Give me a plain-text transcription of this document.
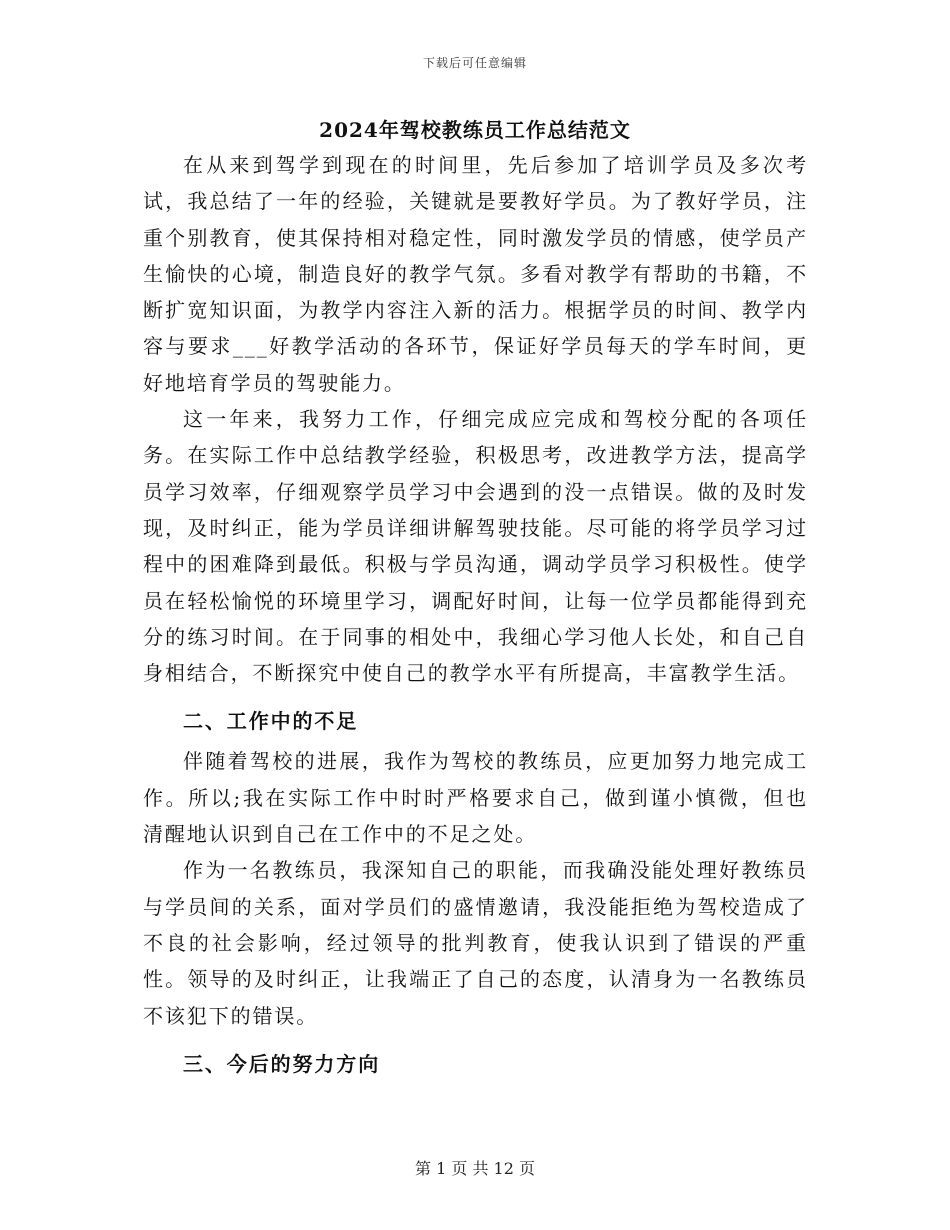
下载后可任意编辑
2024年驾校教练员工作总结范文

在从来到驾学到现在的时间里，先后参加了培训学员及多次考试，我总结了一年的经验，关键就是要教好学员。为了教好学员，注重个别教育，使其保持相对稳定性，同时激发学员的情感，使学员产生愉快的心境，制造良好的教学气氛。多看对教学有帮助的书籍，不断扩宽知识面，为教学内容注入新的活力。根据学员的时间、教学内容与要求___好教学活动的各环节，保证好学员每天的学车时间，更好地培育学员的驾驶能力。

这一年来，我努力工作，仔细完成应完成和驾校分配的各项任务。在实际工作中总结教学经验，积极思考，改进教学方法，提高学员学习效率，仔细观察学员学习中会遇到的没一点错误。做的及时发现，及时纠正，能为学员详细讲解驾驶技能。尽可能的将学员学习过程中的困难降到最低。积极与学员沟通，调动学员学习积极性。使学员在轻松愉悦的环境里学习，调配好时间，让每一位学员都能得到充分的练习时间。在于同事的相处中，我细心学习他人长处，和自己自身相结合，不断探究中使自己的教学水平有所提高，丰富教学生活。

二、工作中的不足

伴随着驾校的进展，我作为驾校的教练员，应更加努力地完成工作。所以;我在实际工作中时时严格要求自己，做到谨小慎微，但也清醒地认识到自己在工作中的不足之处。

作为一名教练员，我深知自己的职能，而我确没能处理好教练员与学员间的关系，面对学员们的盛情邀请，我没能拒绝为驾校造成了不良的社会影响，经过领导的批判教育，使我认识到了错误的严重性。领导的及时纠正，让我端正了自己的态度，认清身为一名教练员不该犯下的错误。

三、今后的努力方向
第 1 页 共 12 页
